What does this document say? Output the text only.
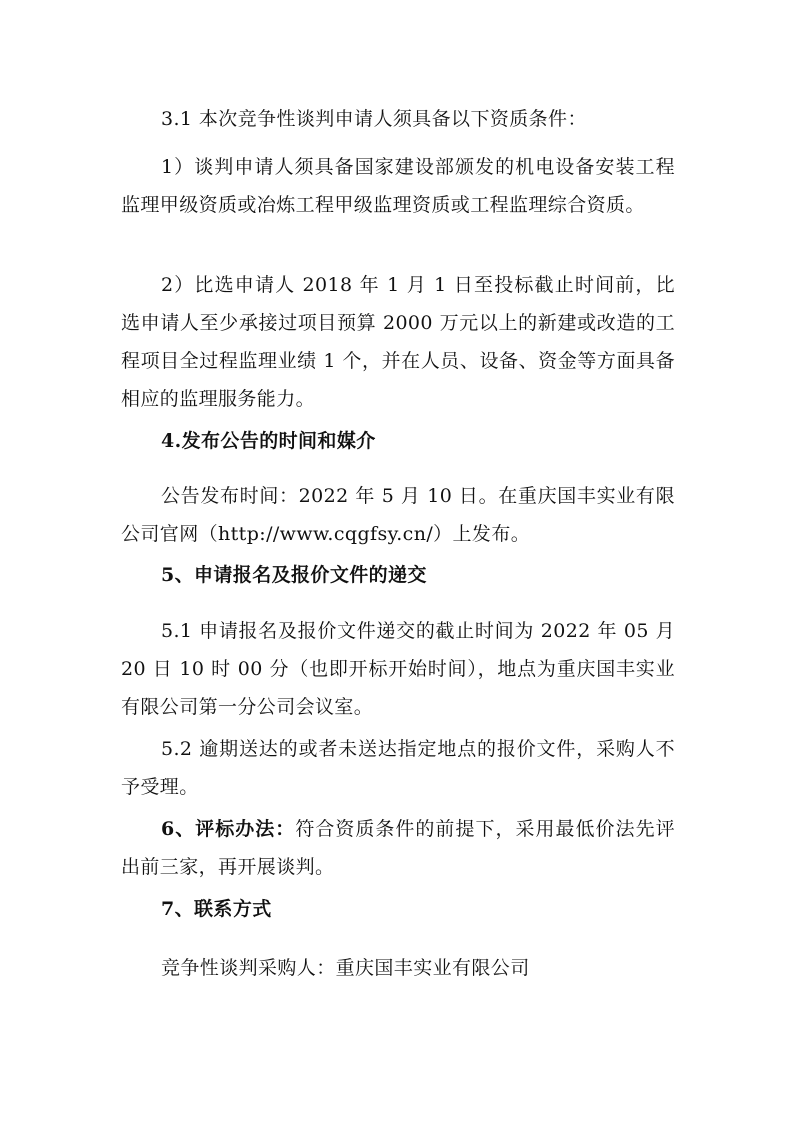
3.1 本次竞争性谈判申请人须具备以下资质条件：

1）谈判申请人须具备国家建设部颁发的机电设备安装工程监理甲级资质或冶炼工程甲级监理资质或工程监理综合资质。

2）比选申请人 2018 年 1 月 1 日至投标截止时间前，比选申请人至少承接过项目预算 2000 万元以上的新建或改造的工程项目全过程监理业绩 1 个，并在人员、设备、资金等方面具备相应的监理服务能力。

4.发布公告的时间和媒介

公告发布时间：2022 年 5 月 10 日。在重庆国丰实业有限公司官网（http://www.cqgfsy.cn/）上发布。

5、申请报名及报价文件的递交

5.1 申请报名及报价文件递交的截止时间为 2022 年 05 月 20 日 10 时 00 分（也即开标开始时间），地点为重庆国丰实业有限公司第一分公司会议室。

5.2 逾期送达的或者未送达指定地点的报价文件，采购人不予受理。

6、评标办法：符合资质条件的前提下，采用最低价法先评出前三家，再开展谈判。

7、联系方式

竞争性谈判采购人：重庆国丰实业有限公司
